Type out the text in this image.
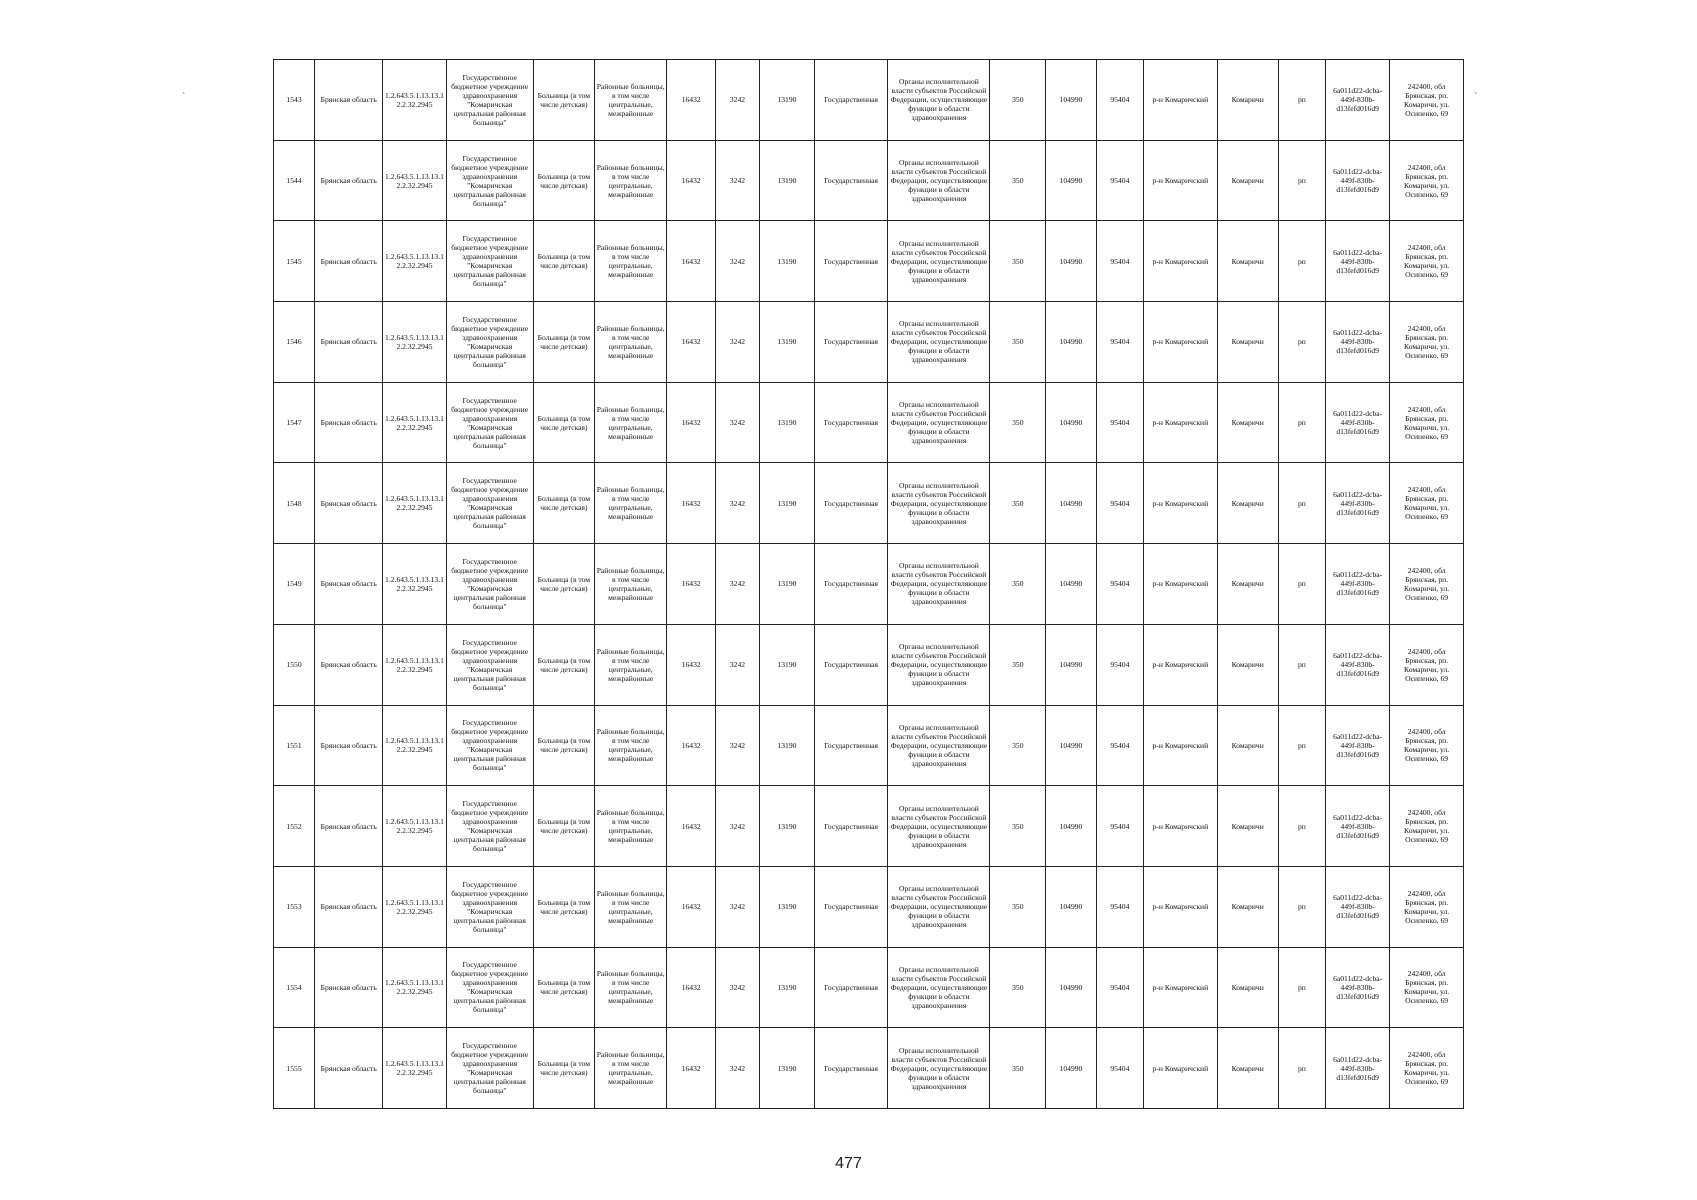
1543	Брянская область	1.2.643.5.1.13.13.12.2.32.2945	Государственное бюджетное учреждение здравоохранения "Комаричская центральная районная больница"	Больница (в том числе детская)	Районные больницы, в том числе центральные, межрайонные	16432	3242	13190	Государственная	Органы исполнительной власти субъектов Российской Федерации, осуществляющие функции в области здравоохранения	350	104990	95404	р-н Комаричский	Комаричи	рп	6a011d22-dcba-449f-830b-d13fefd016d9	242400, обл Брянская, рп. Комаричи, ул. Осипенко, 69
1544	Брянская область	1.2.643.5.1.13.13.12.2.32.2945	Государственное бюджетное учреждение здравоохранения "Комаричская центральная районная больница"	Больница (в том числе детская)	Районные больницы, в том числе центральные, межрайонные	16432	3242	13190	Государственная	Органы исполнительной власти субъектов Российской Федерации, осуществляющие функции в области здравоохранения	350	104990	95404	р-н Комаричский	Комаричи	рп	6a011d22-dcba-449f-830b-d13fefd016d9	242400, обл Брянская, рп. Комаричи, ул. Осипенко, 69
1545	Брянская область	1.2.643.5.1.13.13.12.2.32.2945	Государственное бюджетное учреждение здравоохранения "Комаричская центральная районная больница"	Больница (в том числе детская)	Районные больницы, в том числе центральные, межрайонные	16432	3242	13190	Государственная	Органы исполнительной власти субъектов Российской Федерации, осуществляющие функции в области здравоохранения	350	104990	95404	р-н Комаричский	Комаричи	рп	6a011d22-dcba-449f-830b-d13fefd016d9	242400, обл Брянская, рп. Комаричи, ул. Осипенко, 69
1546	Брянская область	1.2.643.5.1.13.13.12.2.32.2945	Государственное бюджетное учреждение здравоохранения "Комаричская центральная районная больница"	Больница (в том числе детская)	Районные больницы, в том числе центральные, межрайонные	16432	3242	13190	Государственная	Органы исполнительной власти субъектов Российской Федерации, осуществляющие функции в области здравоохранения	350	104990	95404	р-н Комаричский	Комаричи	рп	6a011d22-dcba-449f-830b-d13fefd016d9	242400, обл Брянская, рп. Комаричи, ул. Осипенко, 69
1547	Брянская область	1.2.643.5.1.13.13.12.2.32.2945	Государственное бюджетное учреждение здравоохранения "Комаричская центральная районная больница"	Больница (в том числе детская)	Районные больницы, в том числе центральные, межрайонные	16432	3242	13190	Государственная	Органы исполнительной власти субъектов Российской Федерации, осуществляющие функции в области здравоохранения	350	104990	95404	р-н Комаричский	Комаричи	рп	6a011d22-dcba-449f-830b-d13fefd016d9	242400, обл Брянская, рп. Комаричи, ул. Осипенко, 69
1548	Брянская область	1.2.643.5.1.13.13.12.2.32.2945	Государственное бюджетное учреждение здравоохранения "Комаричская центральная районная больница"	Больница (в том числе детская)	Районные больницы, в том числе центральные, межрайонные	16432	3242	13190	Государственная	Органы исполнительной власти субъектов Российской Федерации, осуществляющие функции в области здравоохранения	350	104990	95404	р-н Комаричский	Комаричи	рп	6a011d22-dcba-449f-830b-d13fefd016d9	242400, обл Брянская, рп. Комаричи, ул. Осипенко, 69
1549	Брянская область	1.2.643.5.1.13.13.12.2.32.2945	Государственное бюджетное учреждение здравоохранения "Комаричская центральная районная больница"	Больница (в том числе детская)	Районные больницы, в том числе центральные, межрайонные	16432	3242	13190	Государственная	Органы исполнительной власти субъектов Российской Федерации, осуществляющие функции в области здравоохранения	350	104990	95404	р-н Комаричский	Комаричи	рп	6a011d22-dcba-449f-830b-d13fefd016d9	242400, обл Брянская, рп. Комаричи, ул. Осипенко, 69
1550	Брянская область	1.2.643.5.1.13.13.12.2.32.2945	Государственное бюджетное учреждение здравоохранения "Комаричская центральная районная больница"	Больница (в том числе детская)	Районные больницы, в том числе центральные, межрайонные	16432	3242	13190	Государственная	Органы исполнительной власти субъектов Российской Федерации, осуществляющие функции в области здравоохранения	350	104990	95404	р-н Комаричский	Комаричи	рп	6a011d22-dcba-449f-830b-d13fefd016d9	242400, обл Брянская, рп. Комаричи, ул. Осипенко, 69
1551	Брянская область	1.2.643.5.1.13.13.12.2.32.2945	Государственное бюджетное учреждение здравоохранения "Комаричская центральная районная больница"	Больница (в том числе детская)	Районные больницы, в том числе центральные, межрайонные	16432	3242	13190	Государственная	Органы исполнительной власти субъектов Российской Федерации, осуществляющие функции в области здравоохранения	350	104990	95404	р-н Комаричский	Комаричи	рп	6a011d22-dcba-449f-830b-d13fefd016d9	242400, обл Брянская, рп. Комаричи, ул. Осипенко, 69
1552	Брянская область	1.2.643.5.1.13.13.12.2.32.2945	Государственное бюджетное учреждение здравоохранения "Комаричская центральная районная больница"	Больница (в том числе детская)	Районные больницы, в том числе центральные, межрайонные	16432	3242	13190	Государственная	Органы исполнительной власти субъектов Российской Федерации, осуществляющие функции в области здравоохранения	350	104990	95404	р-н Комаричский	Комаричи	рп	6a011d22-dcba-449f-830b-d13fefd016d9	242400, обл Брянская, рп. Комаричи, ул. Осипенко, 69
1553	Брянская область	1.2.643.5.1.13.13.12.2.32.2945	Государственное бюджетное учреждение здравоохранения "Комаричская центральная районная больница"	Больница (в том числе детская)	Районные больницы, в том числе центральные, межрайонные	16432	3242	13190	Государственная	Органы исполнительной власти субъектов Российской Федерации, осуществляющие функции в области здравоохранения	350	104990	95404	р-н Комаричский	Комаричи	рп	6a011d22-dcba-449f-830b-d13fefd016d9	242400, обл Брянская, рп. Комаричи, ул. Осипенко, 69
1554	Брянская область	1.2.643.5.1.13.13.12.2.32.2945	Государственное бюджетное учреждение здравоохранения "Комаричская центральная районная больница"	Больница (в том числе детская)	Районные больницы, в том числе центральные, межрайонные	16432	3242	13190	Государственная	Органы исполнительной власти субъектов Российской Федерации, осуществляющие функции в области здравоохранения	350	104990	95404	р-н Комаричский	Комаричи	рп	6a011d22-dcba-449f-830b-d13fefd016d9	242400, обл Брянская, рп. Комаричи, ул. Осипенко, 69
1555	Брянская область	1.2.643.5.1.13.13.12.2.32.2945	Государственное бюджетное учреждение здравоохранения "Комаричская центральная районная больница"	Больница (в том числе детская)	Районные больницы, в том числе центральные, межрайонные	16432	3242	13190	Государственная	Органы исполнительной власти субъектов Российской Федерации, осуществляющие функции в области здравоохранения	350	104990	95404	р-н Комаричский	Комаричи	рп	6a011d22-dcba-449f-830b-d13fefd016d9	242400, обл Брянская, рп. Комаричи, ул. Осипенко, 69
`	`
477
